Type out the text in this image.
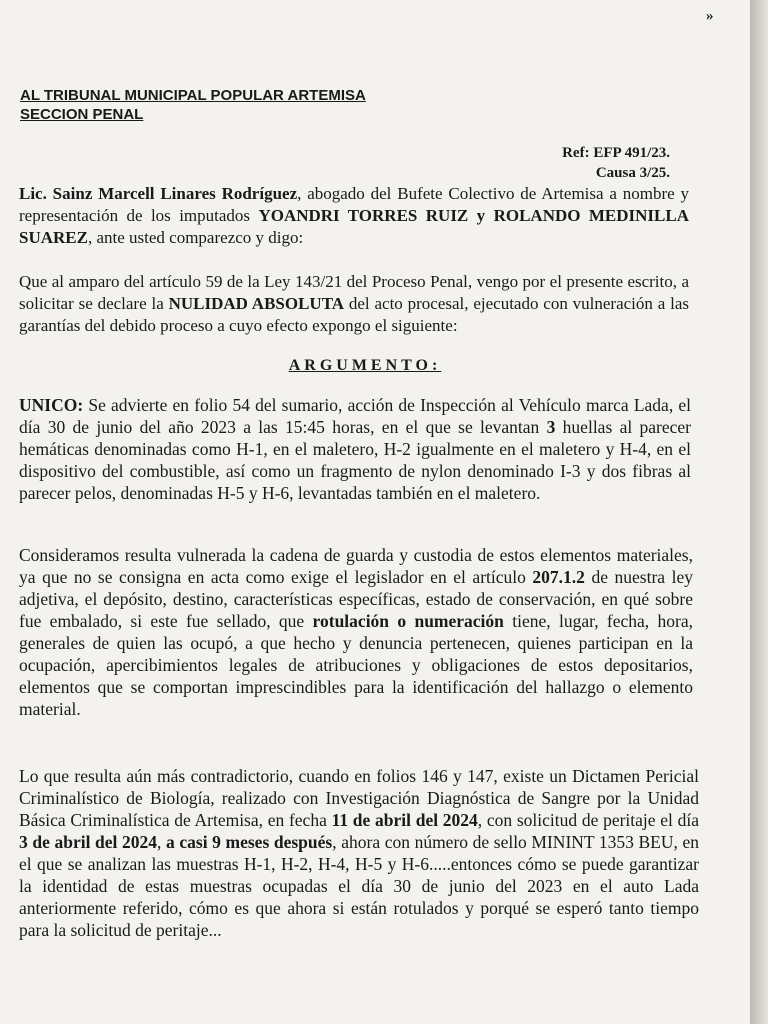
»
AL TRIBUNAL MUNICIPAL POPULAR ARTEMISA
SECCION PENAL
Ref: EFP 491/23.
Causa 3/25.
Lic. Sainz Marcell Linares Rodríguez, abogado del Bufete Colectivo de Artemisa a nombre y representación de los imputados YOANDRI TORRES RUIZ y ROLANDO MEDINILLA SUAREZ, ante usted comparezco y digo:
Que al amparo del artículo 59 de la Ley 143/21 del Proceso Penal, vengo por el presente escrito, a solicitar se declare la NULIDAD ABSOLUTA del acto procesal, ejecutado con vulneración a las garantías del debido proceso a cuyo efecto expongo el siguiente:
ARGUMENTO:
UNICO: Se advierte en folio 54 del sumario, acción de Inspección al Vehículo marca Lada, el día 30 de junio del año 2023 a las 15:45 horas, en el que se levantan 3 huellas al parecer hemáticas denominadas como H-1, en el maletero, H-2 igualmente en el maletero y H-4, en el dispositivo del combustible, así como un fragmento de nylon denominado I-3 y dos fibras al parecer pelos, denominadas H-5 y H-6, levantadas también en el maletero.
Consideramos resulta vulnerada la cadena de guarda y custodia de estos elementos materiales, ya que no se consigna en acta como exige el legislador en el artículo 207.1.2 de nuestra ley adjetiva, el depósito, destino, características específicas, estado de conservación, en qué sobre fue embalado, si este fue sellado, que rotulación o numeración tiene, lugar, fecha, hora, generales de quien las ocupó, a que hecho y denuncia pertenecen, quienes participan en la ocupación, apercibimientos legales de atribuciones y obligaciones de estos depositarios, elementos que se comportan imprescindibles para la identificación del hallazgo o elemento material.
Lo que resulta aún más contradictorio, cuando en folios 146 y 147, existe un Dictamen Pericial Criminalístico de Biología, realizado con Investigación Diagnóstica de Sangre por la Unidad Básica Criminalística de Artemisa, en fecha 11 de abril del 2024, con solicitud de peritaje el día 3 de abril del 2024, a casi 9 meses después, ahora con número de sello MININT 1353 BEU, en el que se analizan las muestras H-1, H-2, H-4, H-5 y H-6.....entonces cómo se puede garantizar la identidad de estas muestras ocupadas el día 30 de junio del 2023 en el auto Lada anteriormente referido, cómo es que ahora si están rotulados y porqué se esperó tanto tiempo para la solicitud de peritaje...
